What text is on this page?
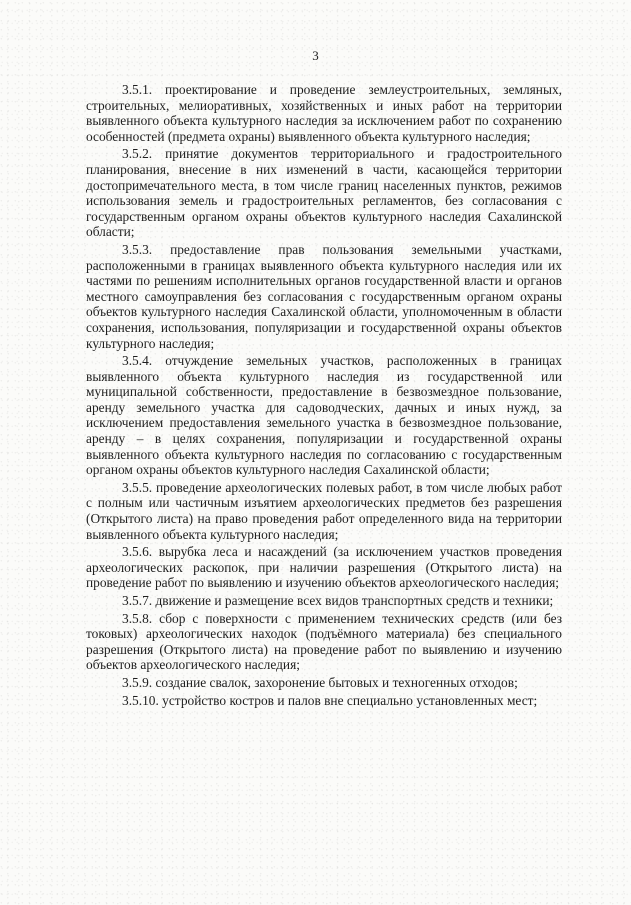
3

3.5.1. проектирование и проведение землеустроительных, земляных, строительных, мелиоративных, хозяйственных и иных работ на территории выявленного объекта культурного наследия за исключением работ по сохранению особенностей (предмета охраны) выявленного объекта культурного наследия;

3.5.2. принятие документов территориального и градостроительного планирования, внесение в них изменений в части, касающейся территории достопримечательного места, в том числе границ населенных пунктов, режимов использования земель и градостроительных регламентов, без согласования с государственным органом охраны объектов культурного наследия Сахалинской области;

3.5.3. предоставление прав пользования земельными участками, расположенными в границах выявленного объекта культурного наследия или их частями по решениям исполнительных органов государственной власти и органов местного самоуправления без согласования с государственным органом охраны объектов культурного наследия Сахалинской области, уполномоченным в области сохранения, использования, популяризации и государственной охраны объектов культурного наследия;

3.5.4. отчуждение земельных участков, расположенных в границах выявленного объекта культурного наследия из государственной или муниципальной собственности, предоставление в безвозмездное пользование, аренду земельного участка для садоводческих, дачных и иных нужд, за исключением предоставления земельного участка в безвозмездное пользование, аренду – в целях сохранения, популяризации и государственной охраны выявленного объекта культурного наследия по согласованию с государственным органом охраны объектов культурного наследия Сахалинской области;

3.5.5. проведение археологических полевых работ, в том числе любых работ с полным или частичным изъятием археологических предметов без разрешения (Открытого листа) на право проведения работ определенного вида на территории выявленного объекта культурного наследия;

3.5.6. вырубка леса и насаждений (за исключением участков проведения археологических раскопок, при наличии разрешения (Открытого листа) на проведение работ по выявлению и изучению объектов археологического наследия;

3.5.7. движение и размещение всех видов транспортных средств и техники;

3.5.8. сбор с поверхности с применением технических средств (или без токовых) археологических находок (подъёмного материала) без специального разрешения (Открытого листа) на проведение работ по выявлению и изучению объектов археологического наследия;

3.5.9. создание свалок, захоронение бытовых и техногенных отходов;

3.5.10. устройство костров и палов вне специально установленных мест;
